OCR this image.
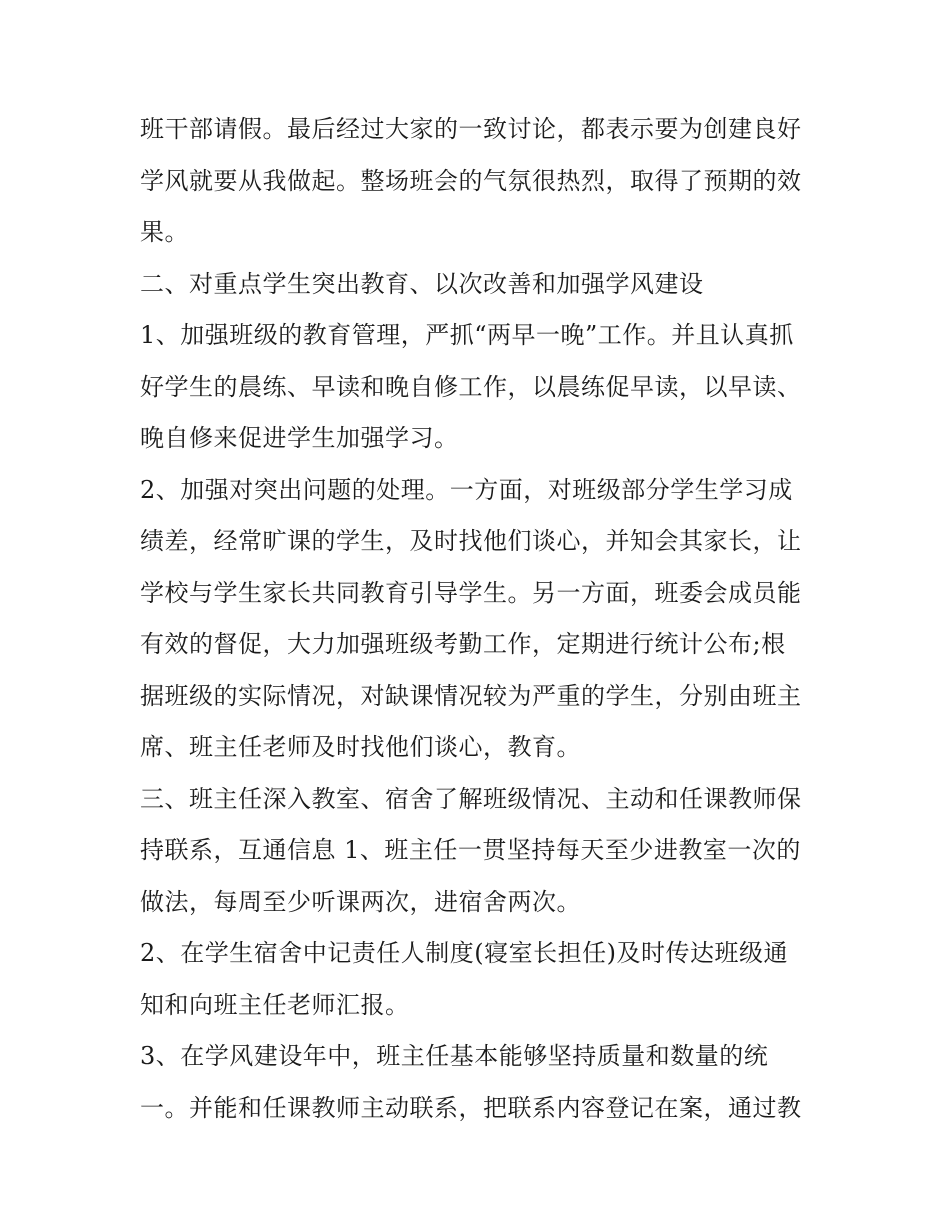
班干部请假。最后经过大家的一致讨论，都表示要为创建良好
学风就要从我做起。整场班会的气氛很热烈，取得了预期的效
果。

二、对重点学生突出教育、以次改善和加强学风建设

1、加强班级的教育管理，严抓“两早一晚”工作。并且认真抓
好学生的晨练、早读和晚自修工作，以晨练促早读，以早读、
晚自修来促进学生加强学习。

2、加强对突出问题的处理。一方面，对班级部分学生学习成
绩差，经常旷课的学生，及时找他们谈心，并知会其家长，让
学校与学生家长共同教育引导学生。另一方面，班委会成员能
有效的督促，大力加强班级考勤工作，定期进行统计公布;根
据班级的实际情况，对缺课情况较为严重的学生，分别由班主
席、班主任老师及时找他们谈心，教育。

三、班主任深入教室、宿舍了解班级情况、主动和任课教师保
持联系，互通信息 1、班主任一贯坚持每天至少进教室一次的
做法，每周至少听课两次，进宿舍两次。

2、在学生宿舍中记责任人制度(寝室长担任)及时传达班级通
知和向班主任老师汇报。

3、在学风建设年中，班主任基本能够坚持质量和数量的统
一。并能和任课教师主动联系，把联系内容登记在案，通过教
